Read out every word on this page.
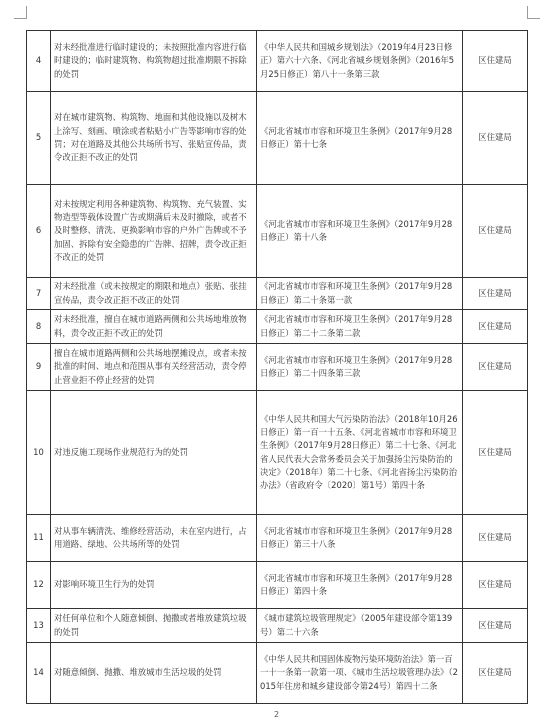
4	对未经批准进行临时建设的；未按照批准内容进行临时建设的；临时建筑物、构筑物超过批准期限不拆除的处罚	《中华人民共和国城乡规划法》（2019年4月23日修正）第六十六条、《河北省城乡规划条例》（2016年5月25日修正）第八十一条第三款	区住建局
5	对在城市建筑物、构筑物、地面和其他设施以及树木上涂写、刻画、喷涂或者粘贴小广告等影响市容的处罚；对在道路及其他公共场所书写、张贴宣传品，责令改正拒不改正的处罚	《河北省城市市容和环境卫生条例》（2017年9月28日修正）第十七条	区住建局
6	对未按规定利用各种建筑物、构筑物、充气装置、实物造型等载体设置广告或期满后未及时撤除，或者不及时整修、清洗、更换影响市容的户外广告牌或不予加固、拆除有安全隐患的广告牌、招牌，责令改正拒不改正的处罚	《河北省城市市容和环境卫生条例》（2017年9月28日修正）第十八条	区住建局
7	对未经批准（或未按规定的期限和地点）张贴、张挂宣传品，责令改正拒不改正的处罚	《河北省城市市容和环境卫生条例》（2017年9月28日修正）第二十条第一款	区住建局
8	对未经批准，擅自在城市道路两侧和公共场地堆放物料，责令改正拒不改正的处罚	《河北省城市市容和环境卫生条例》（2017年9月28日修正）第二十二条第二款	区住建局
9	擅自在城市道路两侧和公共场地摆摊设点，或者未按批准的时间、地点和范围从事有关经营活动，责令停止营业拒不停止经营的处罚	《河北省城市市容和环境卫生条例》（2017年9月28日修正）第二十四条第三款	区住建局
10	对违反施工现场作业规范行为的处罚	《中华人民共和国大气污染防治法》（2018年10月26日修正）第一百一十五条、《河北省城市市容和环境卫生条例》（2017年9月28日修正）第二十七条、《河北省人民代表大会常务委员会关于加强扬尘污染防治的决定》（2018年）第二十七条、《河北省扬尘污染防治办法》（省政府令〔2020〕第1号）第四十条	区住建局
11	对从事车辆清洗、维修经营活动，未在室内进行，占用道路、绿地、公共场所等的处罚	《河北省城市市容和环境卫生条例》（2017年9月28日修正）第三十八条	区住建局
12	对影响环境卫生行为的处罚	《河北省城市市容和环境卫生条例》（2017年9月28日修正）第四十条	区住建局
13	对任何单位和个人随意倾倒、抛撒或者堆放建筑垃圾的处罚	《城市建筑垃圾管理规定》（2005年建设部令第139号）第二十六条	区住建局
14	对随意倾倒、抛撒、堆放城市生活垃圾的处罚	《中华人民共和国固体废物污染环境防治法》第一百一十一条第一款第一项、《城市生活垃圾管理办法》（2015年住房和城乡建设部令第24号）第四十二条	区住建局
2
